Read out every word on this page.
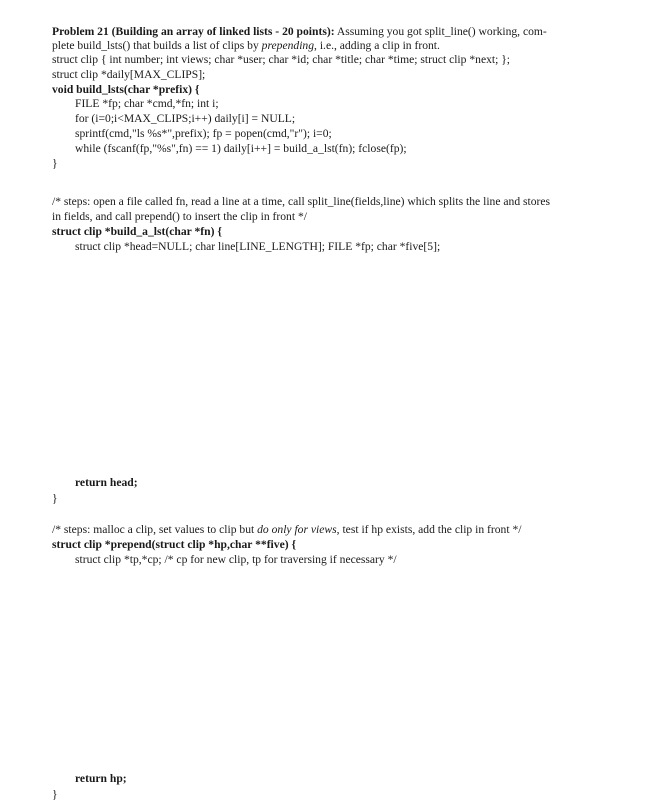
Problem 21 (Building an array of linked lists - 20 points): Assuming you got split_line() working, com-
plete build_lsts() that builds a list of clips by prepending, i.e., adding a clip in front.
struct clip { int number; int views; char *user; char *id; char *title; char *time; struct clip *next; };
struct clip *daily[MAX_CLIPS];
void build_lsts(char *prefix) {
FILE *fp; char *cmd,*fn; int i;
for (i=0;i<MAX_CLIPS;i++) daily[i] = NULL;
sprintf(cmd,"ls %s*",prefix); fp = popen(cmd,"r"); i=0;
while (fscanf(fp,"%s",fn) == 1) daily[i++] = build_a_lst(fn); fclose(fp);
}
/* steps: open a file called fn, read a line at a time, call split_line(fields,line) which splits the line and stores
in fields, and call prepend() to insert the clip in front */
struct clip *build_a_lst(char *fn) {
struct clip *head=NULL; char line[LINE_LENGTH]; FILE *fp; char *five[5];
return head;
}
/* steps: malloc a clip, set values to clip but do only for views, test if hp exists, add the clip in front */
struct clip *prepend(struct clip *hp,char **five) {
struct clip *tp,*cp; /* cp for new clip, tp for traversing if necessary */
return hp;
}
